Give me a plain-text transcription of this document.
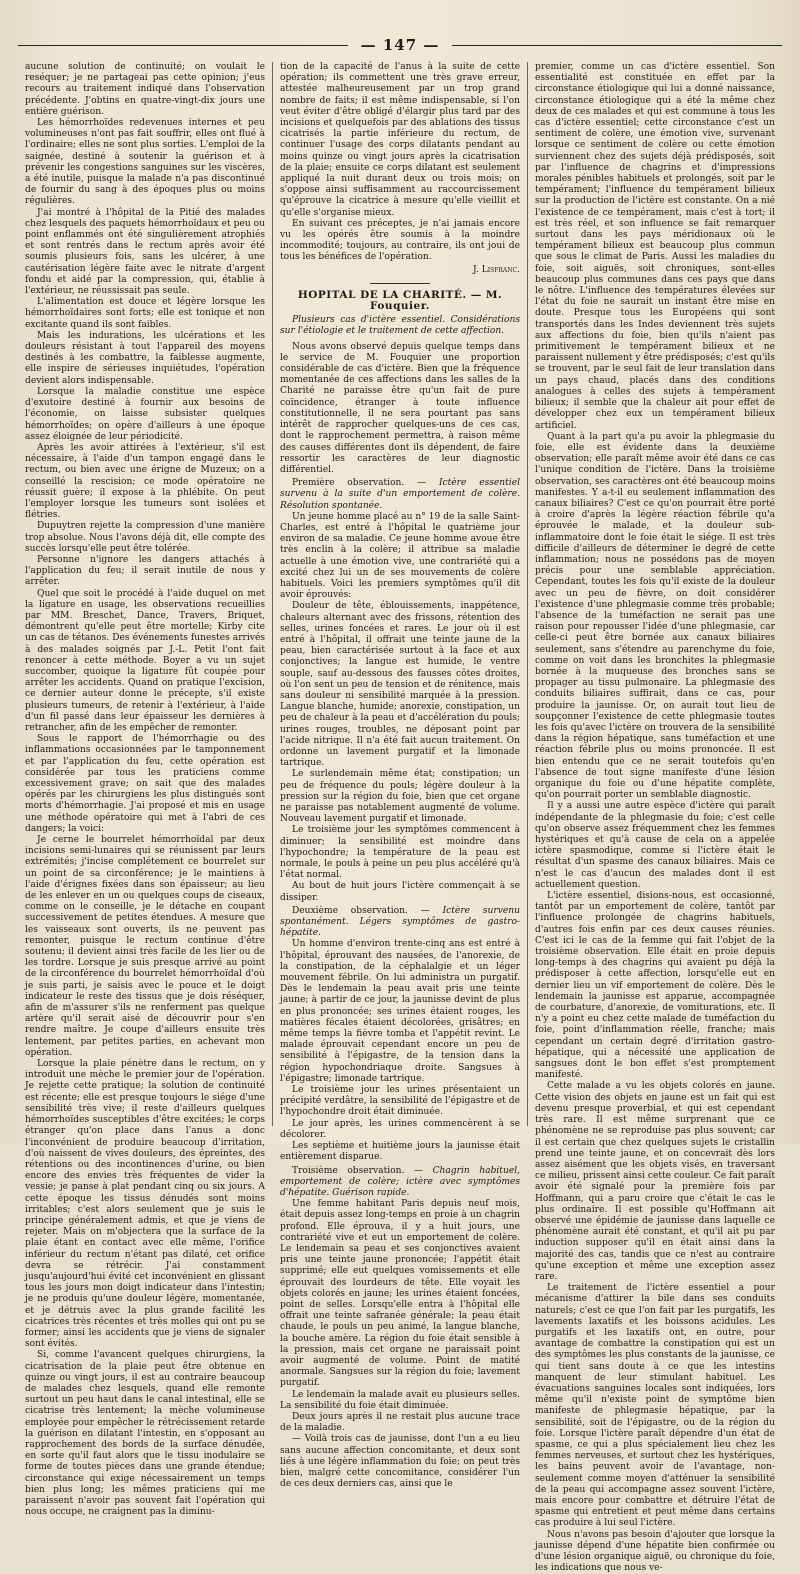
— 147 —

aucune solution de continuité; on voulait le reséquer; je ne partageai pas cette opinion; j'eus recours au traitement indiqué dans l'observation précédente. J'obtins en quatre-vingt-dix jours une entière guérison.

Les hémorrhoïdes redevenues internes et peu volumineuses n'ont pas fait souffrir, elles ont flué à l'ordinaire; elles ne sont plus sorties. L'emploi de la saignée, destiné à soutenir la guérison et à prévenir les congestions sanguines sur les viscères, a été inutile, puisque la malade n'a pas discontinué de fournir du sang à des époques plus ou moins régulières.

J'ai montré à l'hôpital de la Pitié des malades chez lesquels des paquets hémorrhoïdaux et peu ou point enflammés ont été singulièrement atrophiés et sont rentrés dans le rectum après avoir été soumis plusieurs fois, sans les ulcérer, à une cautérisation légère faite avec le nitrate d'argent fondu et aidé par la compression, qui, établie à l'extérieur, ne réussissait pas seule.

L'alimentation est douce et légère lorsque les hémorrhoïdaires sont forts; elle est tonique et non excitante quand ils sont faibles.

Mais les indurations, les ulcérations et les douleurs résistant à tout l'appareil des moyens destinés à les combattre, la faiblesse augmente, elle inspire de sérieuses inquiétudes, l'opération devient alors indispensable.

Lorsque la maladie constitue une espèce d'exutoire destiné à fournir aux besoins de l'économie, on laisse subsister quelques hémorrhoïdes; on opère d'ailleurs à une époque assez éloignée de leur périodicité.

Après les avoir attirées à l'extérieur, s'il est nécessaire, à l'aide d'un tampon engagé dans le rectum, ou bien avec une érigne de Muzeux; on a conseillé la rescision; ce mode opératoire ne réussit guère; il expose à la phlébite. On peut l'employer lorsque les tumeurs sont isolées et flétries.

Dupuytren rejette la compression d'une manière trop absolue. Nous l'avons déjà dit, elle compte des succès lorsqu'elle peut être tolérée.

Personne n'ignore les dangers attachés à l'application du feu; il serait inutile de nous y arrêter.

Quel que soit le procédé à l'aide duquel on met la ligature en usage, les observations recueillies par MM. Breschet, Dance, Travers, Briquet, démontrent qu'elle peut être mortelle; Kirby cite un cas de tétanos. Des événements funestes arrivés à des malades soignés par J.-L. Petit l'ont fait renoncer à cette méthode. Boyer a vu un sujet succomber, quoique la ligature fût coupée pour arrêter les accidents. Quand on pratique l'excision, ce dernier auteur donne le précepte, s'il existe plusieurs tumeurs, de retenir à l'extérieur, à l'aide d'un fil passé dans leur épaisseur les dernières à retrancher, afin de les empêcher de remonter.

Sous le rapport de l'hémorrhagie ou des inflammations occasionnées par le tamponnement et par l'application du feu, cette opération est considérée par tous les praticiens comme excessivement grave; on sait que des malades opérés par les chirurgiens les plus distingués sont morts d'hémorrhagie. J'ai proposé et mis en usage une méthode opératoire qui met à l'abri de ces dangers; la voici:

Je cerne le bourrelet hémorrhoïdal par deux incisions semi-lunaires qui se réunissent par leurs extrémités; j'incise complétement ce bourrelet sur un point de sa circonférence; je le maintiens à l'aide d'érignes fixées dans son épaisseur; au lieu de les enlever en un ou quelques coups de ciseaux, comme on le conseille, je le détache en coupant successivement de petites étendues. A mesure que les vaisseaux sont ouverts, ils ne peuvent pas remonter, puisque le rectum continue d'être soutenu; il devient ainsi très facile de les lier ou de les tordre. Lorsque je suis presque arrivé au point de la circonférence du bourrelet hémorrhoïdal d'où je suis parti, je saisis avec le pouce et le doigt indicateur le reste des tissus que je dois réséquer, afin de m'assurer s'ils ne renferment pas quelque artère qu'il serait aisé de découvrir pour s'en rendre maître. Je coupe d'ailleurs ensuite très lentement, par petites parties, en achevant mon opération.

Lorsque la plaie pénètre dans le rectum, on y introduit une mèche le premier jour de l'opération. Je rejette cette pratique; la solution de continuité est récente; elle est presque toujours le siége d'une sensibilité très vive; il reste d'ailleurs quelques hémorrhoïdes susceptibles d'être excitées; le corps étranger qu'on place dans l'anus a donc l'inconvénient de produire beaucoup d'irritation, d'où naissent de vives douleurs, des épreintes, des rétentions ou des incontinences d'urine, ou bien encore des envies très fréquentes de vider la vessie; je panse à plat pendant cinq ou six jours. A cette époque les tissus dénudés sont moins irritables; c'est alors seulement que je suis le principe généralement admis, et que je viens de rejeter. Mais on m'objectera que la surface de la plaie étant en contact avec elle même, l'orifice inférieur du rectum n'étant pas dilaté, cet orifice devra se rétrécir. J'ai constamment jusqu'aujourd'hui évité cet inconvénient en glissant tous les jours mon doigt indicateur dans l'intestin; je ne produis qu'une douleur légère, momentanée, et je détruis avec la plus grande facilité les cicatrices très récentes et très molles qui ont pu se former; ainsi les accidents que je viens de signaler sont évités.

Si, comme l'avancent quelques chirurgiens, la cicatrisation de la plaie peut être obtenue en quinze ou vingt jours, il est au contraire beaucoup de malades chez lesquels, quand elle remonte surtout un peu haut dans le canal intestinal, elle se cicatrise très lentement; la mèche volumineuse employée pour empêcher le rétrécissement retarde la guérison en dilatant l'intestin, en s'opposant au rapprochement des bords de la surface dénudée, en sorte qu'il faut alors que le tissu inodulaire se forme de toutes pièces dans une grande étendue; circonstance qui exige nécessairement un temps bien plus long; les mêmes praticiens qui me paraissent n'avoir pas souvent fait l'opération qui nous occupe, ne craignent pas la diminu-

tion de la capacité de l'anus à la suite de cette opération; ils commettent une très grave erreur, attestée malheureusement par un trop grand nombre de faits; il est même indispensable, si l'on veut éviter d'être obligé d'élargir plus tard par des incisions et quelquefois par des ablations des tissus cicatrisés la partie inférieure du rectum, de continuer l'usage des corps dilatants pendant au moins quinze ou vingt jours après la cicatrisation de la plaie; ensuite ce corps dilatant est seulement appliqué la nuit durant deux ou trois mois; on s'oppose ainsi suffisamment au raccourcissement qu'éprouve la cicatrice à mesure qu'elle vieillit et qu'elle s'organise mieux.

En suivant ces préceptes, je n'ai jamais encore vu les opérés être soumis à la moindre incommodité; toujours, au contraire, ils ont joui de tous les bénéfices de l'opération.

J. Lisfranc.

HOPITAL DE LA CHARITÉ. — M. Fouquier.

Plusieurs cas d'ictère essentiel. Considérations sur l'étiologie et le traitement de cette affection.

Nous avons observé depuis quelque temps dans le service de M. Fouquier une proportion considérable de cas d'ictère. Bien que la fréquence momentanée de ces affections dans les salles de la Charité ne paraisse être qu'un fait de pure coïncidence, étranger à toute influence constitutionnelle, il ne sera pourtant pas sans intérêt de rapprocher quelques-uns de ces cas, dont le rapprochement permettra, à raison même des causes différentes dont ils dépendent, de faire ressortir les caractères de leur diagnostic différentiel.

Première observation. — Ictère essentiel survenu à la suite d'un emportement de colère. Résolution spontanée.

Un jeune homme placé au n° 19 de la salle Saint-Charles, est entré à l'hôpital le quatrième jour environ de sa maladie. Ce jeune homme avoue être très enclin à la colère; il attribue sa maladie actuelle à une émotion vive, une contrariété qui a excité chez lui un de ses mouvements de colère habituels. Voici les premiers symptômes qu'il dit avoir éprouvés:

Douleur de tête, éblouissements, inappétence, chaleurs alternant avec des frissons, rétention des selles, urines foncées et rares. Le jour où il est entré à l'hôpital, il offrait une teinte jaune de la peau, bien caractérisée surtout à la face et aux conjonctives; la langue est humide, le ventre souple, sauf au-dessous des fausses côtes droites, où l'on sent un peu de tension et de rénitence, mais sans douleur ni sensibilité marquée à la pression. Langue blanche, humide; anorexie, constipation, un peu de chaleur à la peau et d'accélération du pouls; urines rouges, troubles, ne déposant point par l'acide nitrique. Il n'a été fait aucun traitement. On ordonne un lavement purgatif et la limonade tartrique.

Le surlendemain même état; constipation; un peu de fréquence du pouls; légère douleur à la pression sur la région du foie, bien que cet organe ne paraisse pas notablement augmenté de volume. Nouveau lavement purgatif et limonade.

Le troisième jour les symptômes commencent à diminuer; la sensibilité est moindre dans l'hypochondre; la température de la peau est normale, le pouls à peine un peu plus accéléré qu'à l'état normal.

Au bout de huit jours l'ictère commençait à se dissiper.

Deuxième observation. — Ictère survenu spontanément. Légers symptômes de gastro-hépatite.

Un homme d'environ trente-cinq ans est entré à l'hôpital, éprouvant des nausées, de l'anorexie, de la constipation, de la céphalalgie et un léger mouvement fébrile. On lui administra un purgatif. Dès le lendemain la peau avait pris une teinte jaune; à partir de ce jour, la jaunisse devint de plus en plus prononcée; ses urines étaient rouges, les matières fécales étaient décolorées, grisâtres; en même temps la fièvre tomba et l'appétit revint. Le malade éprouvait cependant encore un peu de sensibilité à l'épigastre, de la tension dans la région hypochondriaque droite. Sangsues à l'épigastre; limonade tartrique.

Le troisième jour les urines présentaient un précipité verdâtre, la sensibilité de l'épigastre et de l'hypochondre droit était diminuée.

Le jour après, les urines commencèrent à se décolorer.

Les septième et huitième jours la jaunisse était entièrement disparue.

Troisième observation. — Chagrin habituel, emportement de colère; ictère avec symptômes d'hépatite. Guérison rapide.

Une femme habitant Paris depuis neuf mois, était depuis assez long-temps en proie à un chagrin profond. Elle éprouva, il y a huit jours, une contrariété vive et eut un emportement de colère. Le lendemain sa peau et ses conjonctives avaient pris une teinte jaune prononcée; l'appétit était supprimé; elle eut quelques vomissements et elle éprouvait des lourdeurs de tête. Elle voyait les objets colorés en jaune; les urines étaient foncées, point de selles. Lorsqu'elle entra à l'hôpital elle offrait une teinte safranée générale; la peau était chaude, le pouls un peu animé, la langue blanche, la bouche amère. La région du foie était sensible à la pression, mais cet organe ne paraissait point avoir augmenté de volume. Point de matité anormale. Sangsues sur la région du foie; lavement purgatif.

Le lendemain la malade avait eu plusieurs selles. La sensibilité du foie était diminuée.

Deux jours après il ne restait plus aucune trace de la maladie.

— Voilà trois cas de jaunisse, dont l'un a eu lieu sans aucune affection concomitante, et deux sont liés à une légère inflammation du foie; on peut très bien, malgré cette concomitance, considérer l'un de ces deux derniers cas, ainsi que le

premier, comme un cas d'ictère essentiel. Son essentialité est constituée en effet par la circonstance étiologique qui lui a donné naissance, circonstance étiologique qui a été la même chez deux de ces malades et qui est commune à tous les cas d'ictère essentiel; cette circonstance c'est un sentiment de colère, une émotion vive, survenant lorsque ce sentiment de colère ou cette émotion surviennent chez des sujets déjà prédisposés, soit par l'influence de chagrins et d'impressions morales pénibles habituels et prolongés, soit par le tempérament; l'influence du tempérament bilieux sur la production de l'ictère est constante. On a nié l'existence de ce tempérament, mais c'est à tort; il est très réel, et son influence se fait remarquer surtout dans les pays méridionaux où le tempérament bilieux est beaucoup plus commun que sous le climat de Paris. Aussi les maladies du foie, soit aiguës, soit chroniques, sont-elles beaucoup plus communes dans ces pays que dans le nôtre. L'influence des températures élevées sur l'état du foie ne saurait un instant être mise en doute. Presque tous les Européens qui sont transportés dans les Indes deviennent très sujets aux affections du foie, bien qu'ils n'aient pas primitivement le tempérament bilieux et ne paraissent nullement y être prédisposés; c'est qu'ils se trouvent, par le seul fait de leur translation dans un pays chaud, placés dans des conditions analogues à celles des sujets à tempérament bilieux; il semble que la chaleur ait pour effet de développer chez eux un tempérament bilieux artificiel.

Quant à la part qu'a pu avoir la phlegmasie du foie, elle est évidente dans la deuxième observation; elle paraît même avoir été dans ce cas l'unique condition de l'ictère. Dans la troisième observation, ses caractères ont été beaucoup moins manifestes. Y a-t-il eu seulement inflammation des canaux biliaires? C'est ce qu'on pourrait être porté à croire d'après la légère réaction fébrile qu'a éprouvée le malade, et la douleur sub-inflammatoire dont le foie était le siége. Il est très difficile d'ailleurs de déterminer le degré de cette inflammation; nous ne possédons pas de moyen précis pour une semblable appréciation. Cependant, toutes les fois qu'il existe de la douleur avec un peu de fièvre, on doit considérer l'existence d'une phlegmasie comme très probable; l'absence de la tuméfaction ne serait pas une raison pour repousser l'idée d'une phlegmasie, car celle-ci peut être bornée aux canaux biliaires seulement, sans s'étendre au parenchyme du foie, comme on voit dans les bronchites la phlegmasie bornée à la muqueuse des bronches sans se propager au tissu pulmonaire. La phlegmasie des conduits biliaires suffirait, dans ce cas, pour produire la jaunisse. Or, on aurait tout lieu de soupçonner l'existence de cette phlegmasie toutes les fois qu'avec l'ictère on trouvera de la sensibilité dans la région hépatique, sans tuméfaction et une réaction fébrile plus ou moins prononcée. Il est bien entendu que ce ne serait toutefois qu'en l'absence de tout signe manifeste d'une lésion organique du foie ou d'une hépatite complète, qu'on pourrait porter un semblable diagnostic.

Il y a aussi une autre espèce d'ictère qui paraît indépendante de la phlegmasie du foie; c'est celle qu'on observe assez fréquemment chez les femmes hystériques et qu'à cause de cela on a appelée ictère spasmodique, comme si l'ictère était le résultat d'un spasme des canaux biliaires. Mais ce n'est le cas d'aucun des malades dont il est actuellement question.

L'ictère essentiel, disions-nous, est occasionné, tantôt par un emportement de colère, tantôt par l'influence prolongée de chagrins habituels, d'autres fois enfin par ces deux causes réunies. C'est ici le cas de la femme qui fait l'objet de la troisième observation. Elle était en proie depuis long-temps à des chagrins qui avaient pu déjà la prédisposer à cette affection, lorsqu'elle eut en dernier lieu un vif emportement de colère. Dès le lendemain la jaunisse est apparue, accompagnée de courbature, d'anorexie, de vomiturations, etc. Il n'y a point eu chez cette malade de tuméfaction du foie, point d'inflammation réelle, franche; mais cependant un certain degré d'irritation gastro-hépatique, qui a nécessité une application de sangsues dont le bon effet s'est promptement manifesté.

Cette malade a vu les objets colorés en jaune. Cette vision des objets en jaune est un fait qui est devenu presque proverbial, et qui est cependant très rare. Il est même surprenant que ce phénomène ne se reproduise pas plus souvent; car il est certain que chez quelques sujets le cristallin prend une teinte jaune, et on concevrait dès lors assez aisément que les objets visés, en traversant ce milieu, prissent ainsi cette couleur. Ce fait paraît avoir été signalé pour la première fois par Hoffmann, qui a paru croire que c'était le cas le plus ordinaire. Il est possible qu'Hoffmann ait observé une épidémie de jaunisse dans laquelle ce phénomène aurait été constant, et qu'il ait pu par induction supposer qu'il en était ainsi dans la majorité des cas, tandis que ce n'est au contraire qu'une exception et même une exception assez rare.

Le traitement de l'ictère essentiel a pour mécanisme d'attirer la bile dans ses conduits naturels; c'est ce que l'on fait par les purgatifs, les lavements laxatifs et les boissons acidules. Les purgatifs et les laxatifs ont, en outre, pour avantage de combattre la constipation qui est un des symptômes les plus constants de la jaunisse, ce qui tient sans doute à ce que les intestins manquent de leur stimulant habituel. Les évacuations sanguines locales sont indiquées, lors même qu'il n'existe point de symptôme bien manifeste de phlegmasie hépatique, par la sensibilité, soit de l'épigastre, ou de la région du foie. Lorsque l'ictère paraît dépendre d'un état de spasme, ce qui a plus spécialement lieu chez les femmes nerveuses, et surtout chez les hystériques, les bains peuvent avoir de l'avantage, non-seulement comme moyen d'atténuer la sensibilité de la peau qui accompagne assez souvent l'ictère, mais encore pour combattre et détruire l'état de spasme qui entretient et peut même dans certains cas produire à lui seul l'ictère.

Nous n'avons pas besoin d'ajouter que lorsque la jaunisse dépend d'une hépatite bien confirmée ou d'une lésion organique aiguë, ou chronique du foie, les indications que nous ve-
